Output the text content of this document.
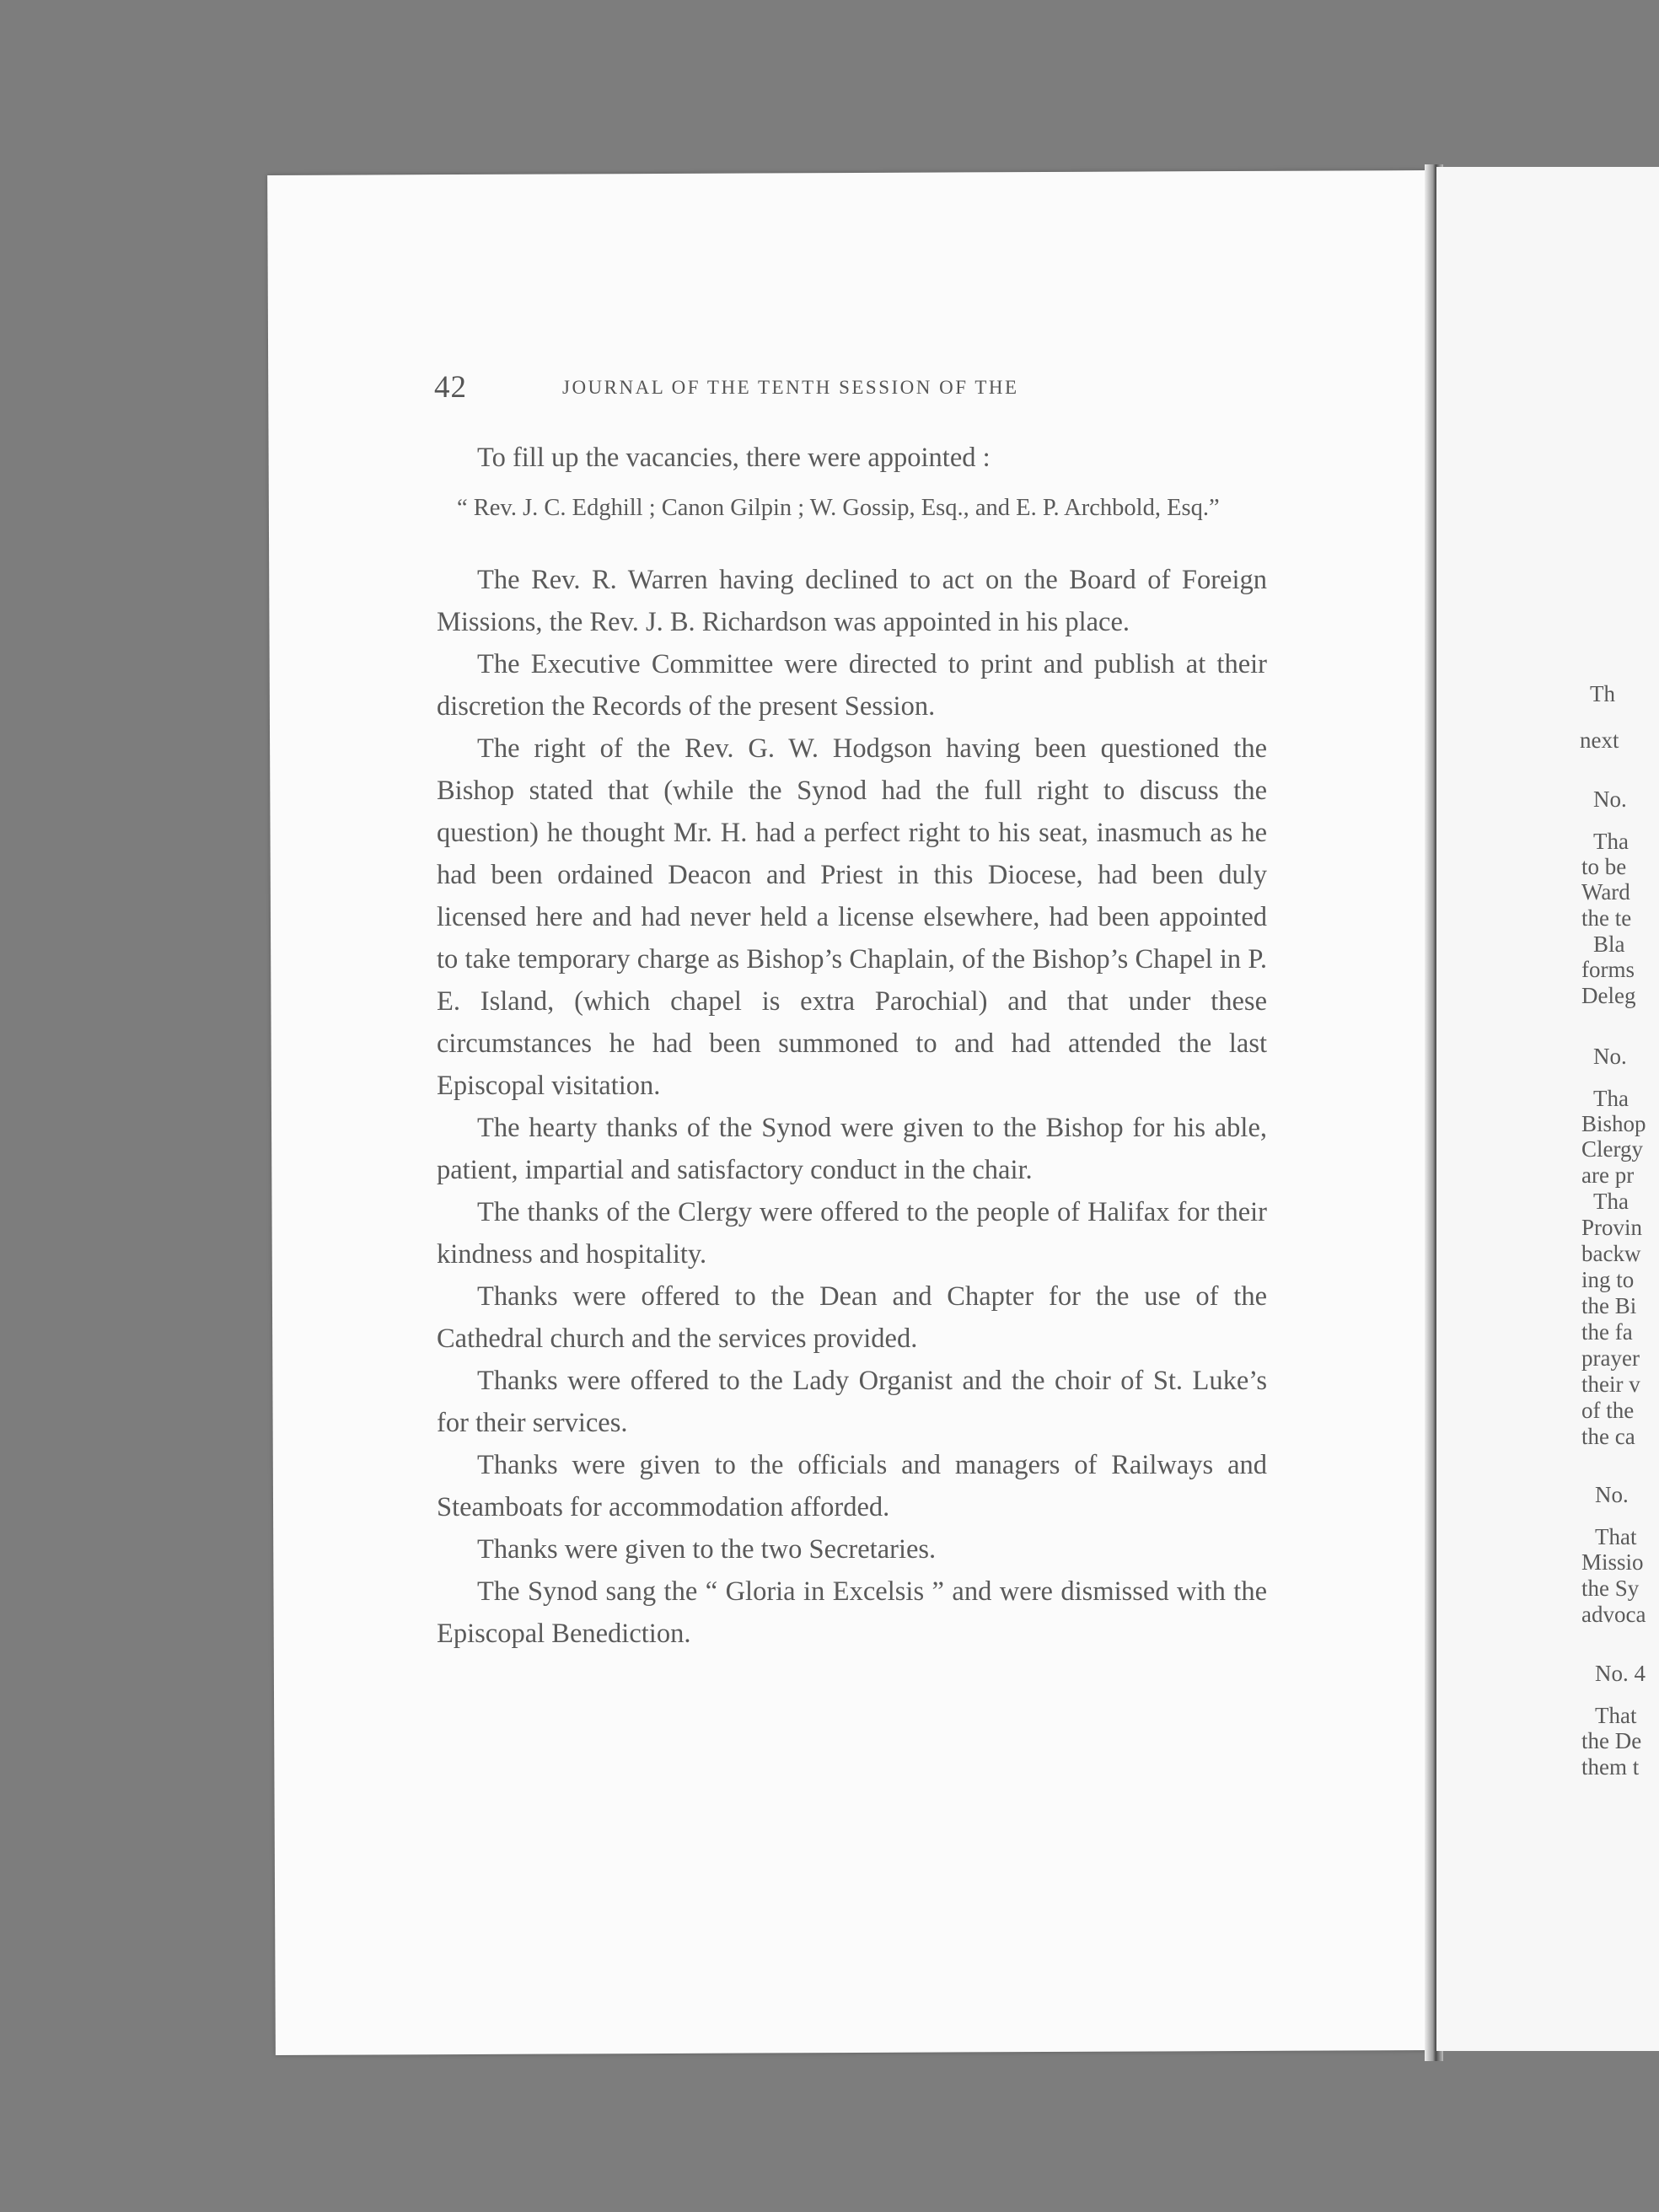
Th
next
No.
Tha
to be
Ward
the te
Bla
forms
Deleg
No.
Tha
Bishop
Clergy
are pr
Tha
Provin
backw
ing to
the Bi
the fa
prayer
their v
of the
the ca
No.
That
Missio
the Sy
advoca
No. 4
That
the De
them t
42	JOURNAL OF THE TENTH SESSION OF THE

To fill up the vacancies, there were appointed :

“ Rev. J. C. Edghill ; Canon Gilpin ; W. Gossip, Esq., and E. P. Archbold, Esq.”

The Rev. R. Warren having declined to act on the Board of Foreign Missions, the Rev. J. B. Richardson was appointed in his place.

The Executive Committee were directed to print and publish at their discretion the Records of the present Session.

The right of the Rev. G. W. Hodgson having been questioned the Bishop stated that (while the Synod had the full right to discuss the question) he thought Mr. H. had a perfect right to his seat, inasmuch as he had been ordained Deacon and Priest in this Diocese, had been duly licensed here and had never held a license elsewhere, had been appointed to take temporary charge as Bishop’s Chaplain, of the Bishop’s Chapel in P. E. Island, (which chapel is extra Parochial) and that under these circumstances he had been summoned to and had attended the last Episcopal visitation.

The hearty thanks of the Synod were given to the Bishop for his able, patient, impartial and satisfactory conduct in the chair.

The thanks of the Clergy were offered to the people of Halifax for their kindness and hospitality.

Thanks were offered to the Dean and Chapter for the use of the Cathedral church and the services provided.

Thanks were offered to the Lady Organist and the choir of St. Luke’s for their services.

Thanks were given to the officials and managers of Railways and Steamboats for accommodation afforded.

Thanks were given to the two Secretaries.

The Synod sang the “ Gloria in Excelsis ” and were dismissed with the Episcopal Benediction.
